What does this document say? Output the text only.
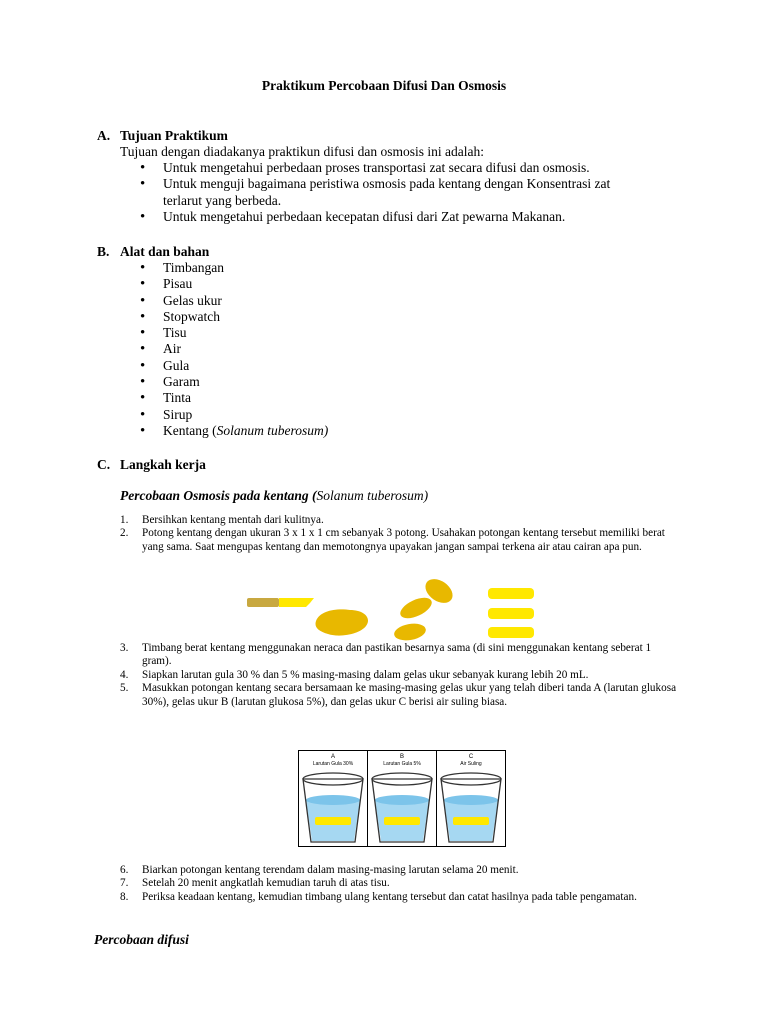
Praktikum Percobaan Difusi Dan Osmosis
A. Tujuan Praktikum
Tujuan dengan diadakanya praktikun difusi dan osmosis ini adalah:
• Untuk mengetahui perbedaan proses transportasi zat secara difusi dan osmosis.
• Untuk menguji bagaimana peristiwa osmosis pada kentang dengan Konsentrasi zat terlarut yang berbeda.
• Untuk mengetahui perbedaan kecepatan difusi dari Zat pewarna Makanan.
B. Alat dan bahan
• Timbangan
• Pisau
• Gelas ukur
• Stopwatch
• Tisu
• Air
• Gula
• Garam
• Tinta
• Sirup
• Kentang (Solanum tuberosum)
C. Langkah kerja
Percobaan Osmosis pada kentang (Solanum tuberosum)
1. Bersihkan kentang mentah dari kulitnya.
2. Potong kentang dengan ukuran 3 x 1 x 1 cm sebanyak 3 potong. Usahakan potongan kentang tersebut memiliki berat yang sama. Saat mengupas kentang dan memotongnya upayakan jangan sampai terkena air atau cairan apa pun.
3. Timbang berat kentang menggunakan neraca dan pastikan besarnya sama (di sini menggunakan kentang seberat 1 gram).
4. Siapkan larutan gula 30 % dan 5 % masing-masing dalam gelas ukur sebanyak kurang lebih 20 mL.
5. Masukkan potongan kentang secara bersamaan ke masing-masing gelas ukur yang telah diberi tanda A (larutan glukosa 30%), gelas ukur B (larutan glukosa 5%), dan gelas ukur C berisi air suling biasa.
A
Larutan Gula 30%
B
Larutan Gula 5%
C
Air Suling
6. Biarkan potongan kentang terendam dalam masing-masing larutan selama 20 menit.
7. Setelah 20 menit angkatlah kemudian taruh di atas tisu.
8. Periksa keadaan kentang, kemudian timbang ulang kentang tersebut dan catat hasilnya pada table pengamatan.
Percobaan difusi
